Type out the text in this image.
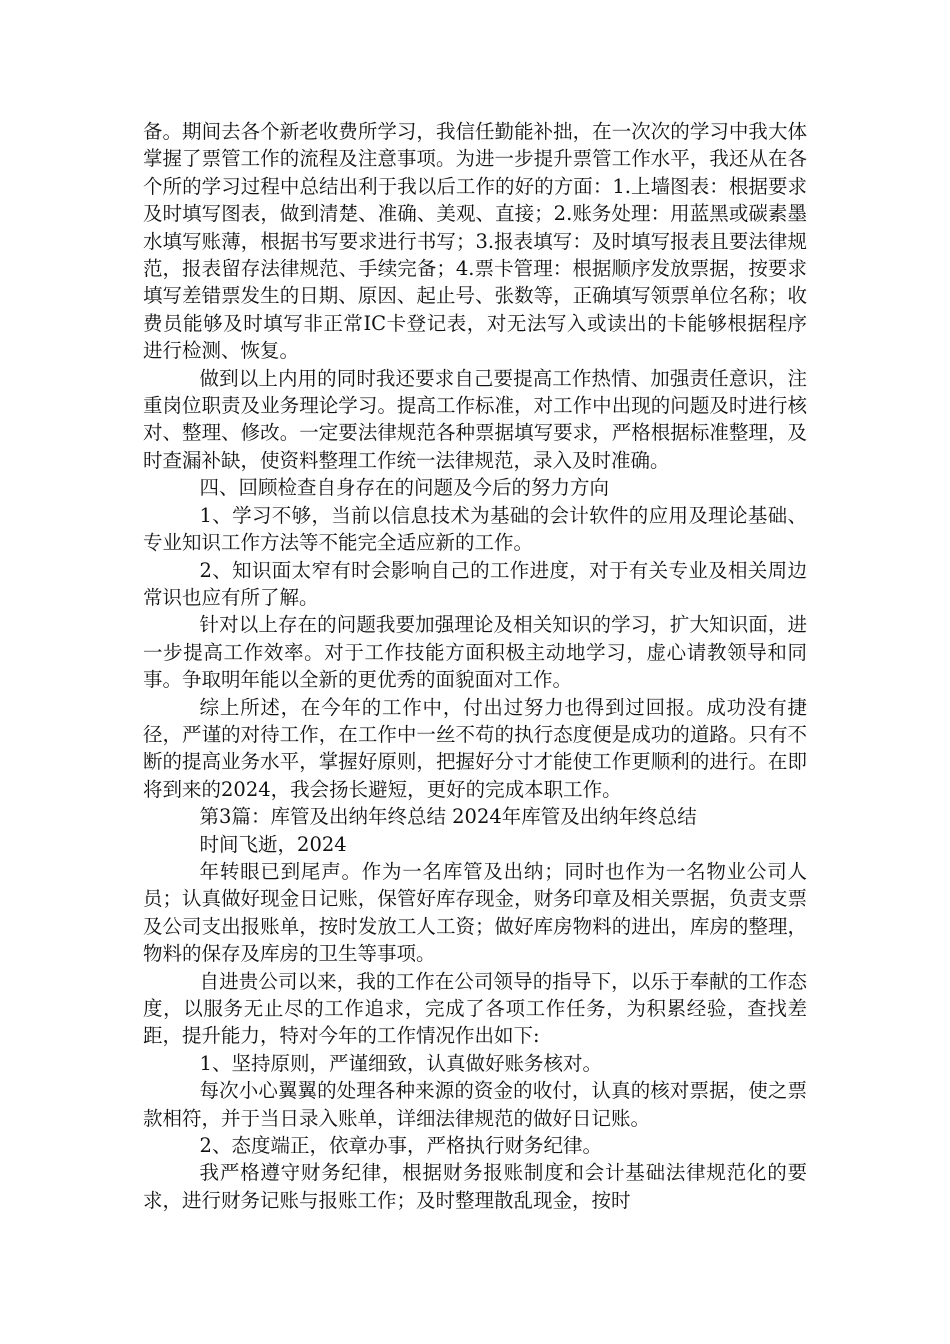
备。期间去各个新老收费所学习，我信任勤能补拙，在一次次的学习中我大体掌握了票管工作的流程及注意事项。为进一步提升票管工作水平，我还从在各个所的学习过程中总结出利于我以后工作的好的方面：1.上墙图表：根据要求及时填写图表，做到清楚、准确、美观、直接；2.账务处理：用蓝黑或碳素墨水填写账薄，根据书写要求进行书写；3.报表填写：及时填写报表且要法律规范，报表留存法律规范、手续完备；4.票卡管理：根据顺序发放票据，按要求填写差错票发生的日期、原因、起止号、张数等，正确填写领票单位名称；收费员能够及时填写非正常IC卡登记表，对无法写入或读出的卡能够根据程序进行检测、恢复。

做到以上内用的同时我还要求自己要提高工作热情、加强责任意识，注重岗位职责及业务理论学习。提高工作标准，对工作中出现的问题及时进行核对、整理、修改。一定要法律规范各种票据填写要求，严格根据标准整理，及时查漏补缺，使资料整理工作统一法律规范，录入及时准确。

四、回顾检查自身存在的问题及今后的努力方向

1、学习不够，当前以信息技术为基础的会计软件的应用及理论基础、专业知识工作方法等不能完全适应新的工作。

2、知识面太窄有时会影响自己的工作进度，对于有关专业及相关周边常识也应有所了解。

针对以上存在的问题我要加强理论及相关知识的学习，扩大知识面，进一步提高工作效率。对于工作技能方面积极主动地学习，虚心请教领导和同事。争取明年能以全新的更优秀的面貌面对工作。

综上所述，在今年的工作中，付出过努力也得到过回报。成功没有捷径，严谨的对待工作，在工作中一丝不苟的执行态度便是成功的道路。只有不断的提高业务水平，掌握好原则，把握好分寸才能使工作更顺利的进行。在即将到来的2024，我会扬长避短，更好的完成本职工作。

第3篇：库管及出纳年终总结 2024年库管及出纳年终总结

时间飞逝，2024

年转眼已到尾声。作为一名库管及出纳；同时也作为一名物业公司人员；认真做好现金日记账，保管好库存现金，财务印章及相关票据，负责支票及公司支出报账单，按时发放工人工资；做好库房物料的进出，库房的整理，物料的保存及库房的卫生等事项。

自进贵公司以来，我的工作在公司领导的指导下，以乐于奉献的工作态度，以服务无止尽的工作追求，完成了各项工作任务，为积累经验，查找差距，提升能力，特对今年的工作情况作出如下:

1、坚持原则，严谨细致，认真做好账务核对。

每次小心翼翼的处理各种来源的资金的收付，认真的核对票据，使之票款相符，并于当日录入账单，详细法律规范的做好日记账。

2、态度端正，依章办事，严格执行财务纪律。

我严格遵守财务纪律，根据财务报账制度和会计基础法律规范化的要求，进行财务记账与报账工作；及时整理散乱现金，按时
